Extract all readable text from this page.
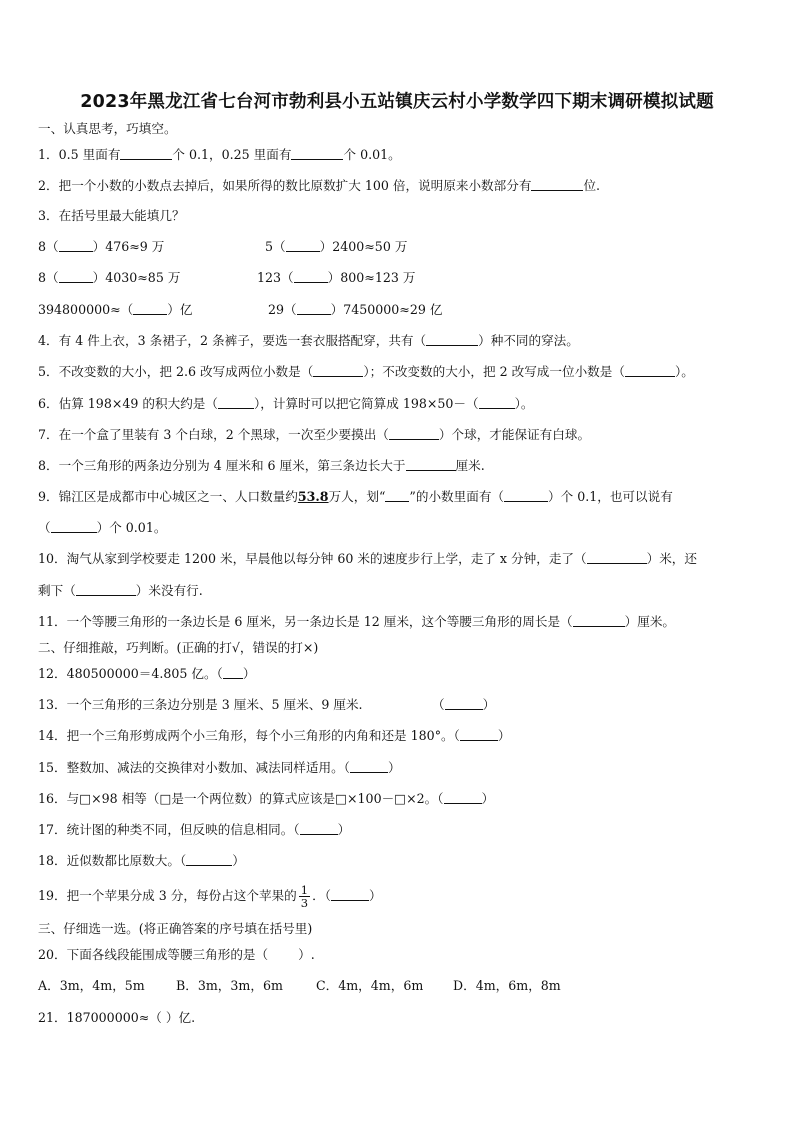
2023年黑龙江省七台河市勃利县小五站镇庆云村小学数学四下期末调研模拟试题
一、认真思考，巧填空。
1．0.5 里面有	个 0.1，0.25 里面有	个 0.01。
2．把一个小数的小数点去掉后，如果所得的数比原数扩大 100 倍，说明原来小数部分有	位.
3．在括号里最大能填几？
8（	）476≈9 万	5（	）2400≈50 万
8（	）4030≈85 万	123（	）800≈123 万
394800000≈（	）亿	29（	）7450000≈29 亿
4．有 4 件上衣，3 条裙子，2 条裤子，要选一套衣服搭配穿，共有（	）种不同的穿法。
5．不改变数的大小，把 2.6 改写成两位小数是（	）；不改变数的大小，把 2 改写成一位小数是（	）。
6．估算 198×49 的积大约是（	），计算时可以把它简算成 198×50－（	）。
7．在一个盒了里装有 3 个白球，2 个黑球，一次至少要摸出（	）个球，才能保证有白球。
8．一个三角形的两条边分别为 4 厘米和 6 厘米，第三条边长大于	厘米.
9．锦江区是成都市中心城区之一、人口数量约53.8万人，划“ ”的小数里面有（	）个 0.1，也可以说有
（	）个 0.01。
10．淘气从家到学校要走 1200 米，早晨他以每分钟 60 米的速度步行上学，走了 x 分钟，走了（	）米，还
剩下（	）米没有行.
11．一个等腰三角形的一条边长是 6 厘米，另一条边长是 12 厘米，这个等腰三角形的周长是（	）厘米。
二、仔细推敲，巧判断。(正确的打√，错误的打×)
12．480500000＝4.805 亿。（ ）
13．一个三角形的三条边分别是 3 厘米、5 厘米、9 厘米.	（	）
14．把一个三角形剪成两个小三角形，每个小三角形的内角和还是 180°。（	）
15．整数加、减法的交换律对小数加、减法同样适用。（	）
16．与□×98 相等（□是一个两位数）的算式应该是□×100－□×2。（	）
17．统计图的种类不同，但反映的信息相同。（	）
18．近似数都比原数大。（	）
19．把一个苹果分成 3 分，每份占这个苹果的 $\frac{1}{3}$ ．（	）
三、仔细选一选。(将正确答案的序号填在括号里)
20．下面各线段能围成等腰三角形的是（ ）.
A．3m，4m，5m B．3m，3m，6m	C．4m，4m，6m D．4m，6m，8m
21．187000000≈（ ）亿.
